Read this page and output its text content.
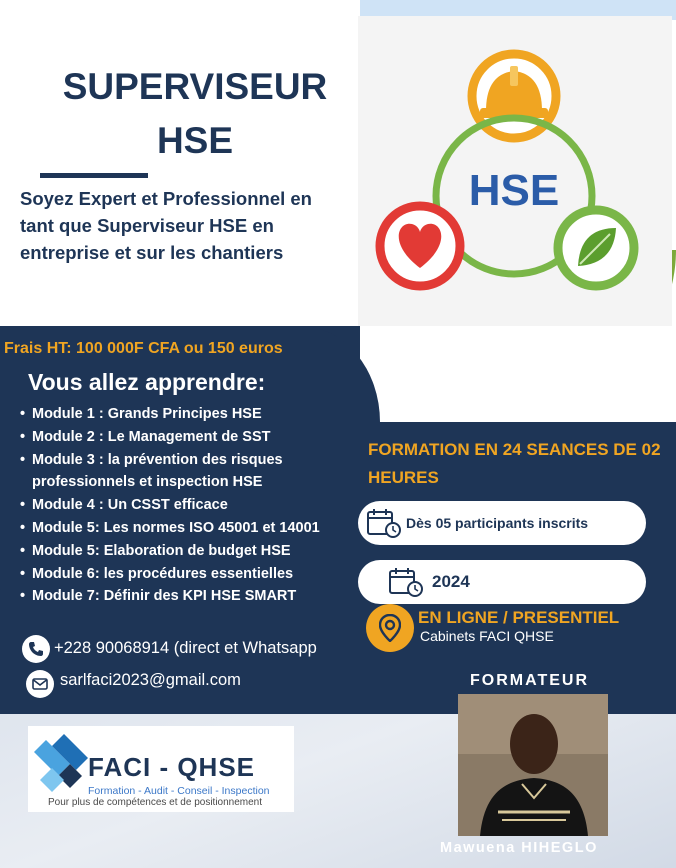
HSE
SUPERVISEUR
HSE
Soyez Expert et Professionnel en tant que Superviseur HSE en entreprise et sur les chantiers
Frais HT: 100 000F CFA ou 150 euros
Vous allez apprendre:
• Module 1 : Grands Principes HSE
• Module 2 : Le Management de SST
• Module 3 : la prévention des risques professionnels et inspection HSE
• Module 4 : Un CSST efficace
• Module 5: Les normes ISO 45001 et 14001
• Module 5: Elaboration de budget HSE
• Module 6: les procédures essentielles
• Module 7: Définir des KPI HSE SMART
FORMATION EN 24 SEANCES DE 02 HEURES
Dès 05 participants inscrits
2024
EN LIGNE / PRESENTIEL
Cabinets FACI QHSE
+228 90068914 (direct et Whatsapp
sarlfaci2023@gmail.com	FORMATEUR
Mawuena HIHEGLO
FACI - QHSE
Formation - Audit - Conseil - Inspection
Pour plus de compétences et de positionnement
